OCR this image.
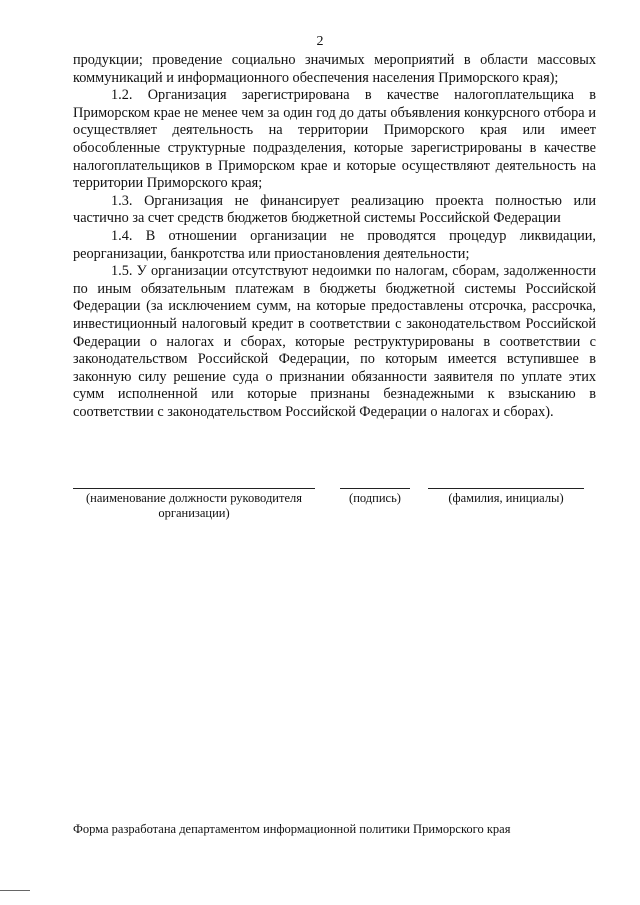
2

продукции; проведение социально значимых мероприятий в области массовых коммуникаций и информационного обеспечения населения Приморского края);

1.2. Организация зарегистрирована в качестве налогоплательщика в Приморском крае не менее чем за один год до даты объявления конкурсного отбора и осуществляет деятельность на территории Приморского края или имеет обособленные структурные подразделения, которые зарегистрированы в качестве налогоплательщиков в Приморском крае и которые осуществляют деятельность на территории Приморского края;

1.3. Организация не финансирует реализацию проекта полностью или частично за счет средств бюджетов бюджетной системы Российской Федерации

1.4. В отношении организации не проводятся процедур ликвидации, реорганизации, банкротства или приостановления деятельности;

1.5. У организации отсутствуют недоимки по налогам, сборам, задолженности по иным обязательным платежам в бюджеты бюджетной системы Российской Федерации (за исключением сумм, на которые предоставлены отсрочка, рассрочка, инвестиционный налоговый кредит в соответствии с законодательством Российской Федерации о налогах и сборах, которые реструктурированы в соответствии с законодательством Российской Федерации, по которым имеется вступившее в законную силу решение суда о признании обязанности заявителя по уплате этих сумм исполненной или которые признаны безнадежными к взысканию в соответствии с законодательством Российской Федерации о налогах и сборах).

(наименование должности руководителя организации)
(подпись)	(фамилия, инициалы)
Форма разработана департаментом информационной политики Приморского края
